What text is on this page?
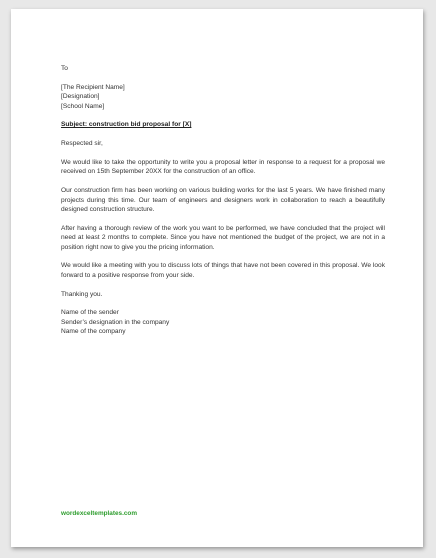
To

[The Recipient Name]

[Designation]

[School Name]

Subject: construction bid proposal for [X]

Respected sir,

We would like to take the opportunity to write you a proposal letter in response to a request for a proposal we received on 15th September 20XX for the construction of an office.

Our construction firm has been working on various building works for the last 5 years. We have finished many projects during this time. Our team of engineers and designers work in collaboration to reach a beautifully designed construction structure.

After having a thorough review of the work you want to be performed, we have concluded that the project will need at least 2 months to complete. Since you have not mentioned the budget of the project, we are not in a position right now to give you the pricing information.

We would like a meeting with you to discuss lots of things that have not been covered in this proposal. We look forward to a positive response from your side.

Thanking you.

Name of the sender

Sender’s designation in the company

Name of the company

wordexceltemplates.com
